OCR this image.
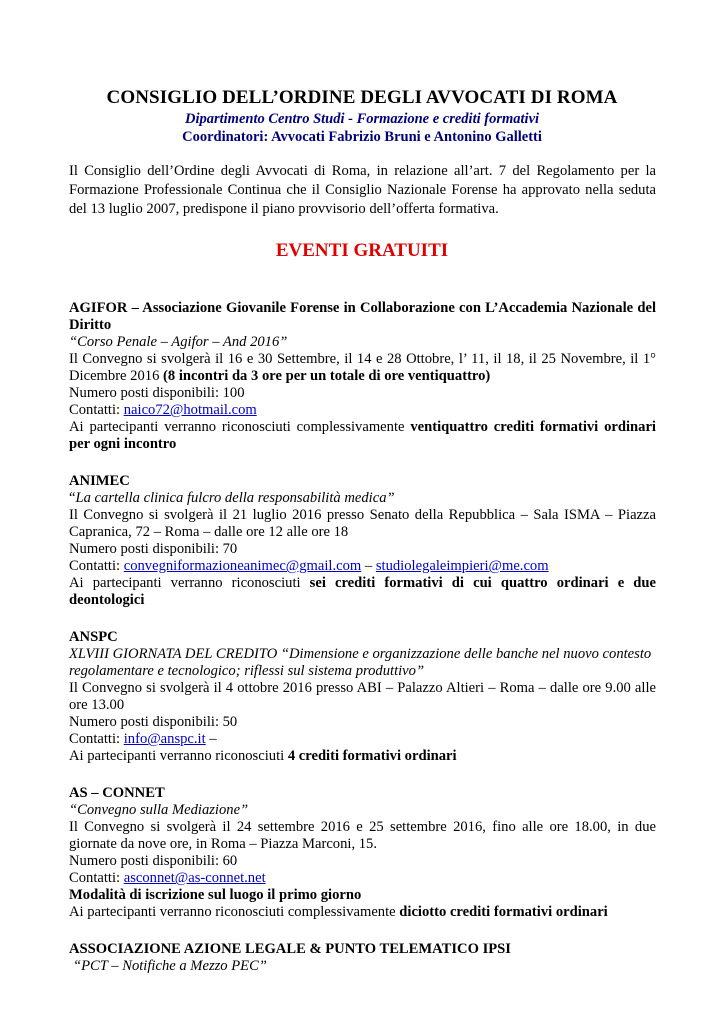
CONSIGLIO DELL’ORDINE DEGLI AVVOCATI DI ROMA
Dipartimento Centro Studi - Formazione e crediti formativi
Coordinatori: Avvocati Fabrizio Bruni e Antonino Galletti
Il Consiglio dell’Ordine degli Avvocati di Roma, in relazione all’art. 7 del Regolamento per la Formazione Professionale Continua che il Consiglio Nazionale Forense ha approvato nella seduta del 13 luglio 2007, predispone il piano provvisorio dell’offerta formativa.
EVENTI GRATUITI

AGIFOR – Associazione Giovanile Forense in Collaborazione con L’Accademia Nazionale del Diritto

“Corso Penale – Agifor – And 2016”

Il Convegno si svolgerà il 16 e 30 Settembre, il 14 e 28 Ottobre, l’ 11, il 18, il 25 Novembre, il 1° Dicembre 2016 (8 incontri da 3 ore per un totale di ore ventiquattro)

Numero posti disponibili: 100

Contatti: naico72@hotmail.com

Ai partecipanti verranno riconosciuti complessivamente ventiquattro crediti formativi ordinari per ogni incontro

ANIMEC

“La cartella clinica fulcro della responsabilità medica”

Il Convegno si svolgerà il 21 luglio 2016 presso Senato della Repubblica – Sala ISMA – Piazza Capranica, 72 – Roma – dalle ore 12 alle ore 18

Numero posti disponibili: 70

Contatti: convegniformazioneanimec@gmail.com – studiolegaleimpieri@me.com

Ai partecipanti verranno riconosciuti sei crediti formativi di cui quattro ordinari e due deontologici

ANSPC

XLVIII GIORNATA DEL CREDITO “Dimensione e organizzazione delle banche nel nuovo contesto regolamentare e tecnologico; riflessi sul sistema produttivo”

Il Convegno si svolgerà il 4 ottobre 2016 presso ABI – Palazzo Altieri – Roma – dalle ore 9.00 alle ore 13.00

Numero posti disponibili: 50

Contatti: info@anspc.it –

Ai partecipanti verranno riconosciuti 4 crediti formativi ordinari

AS – CONNET

“Convegno sulla Mediazione”

Il Convegno si svolgerà il 24 settembre 2016 e 25 settembre 2016, fino alle ore 18.00, in due giornate da nove ore, in Roma – Piazza Marconi, 15.

Numero posti disponibili: 60

Contatti: asconnet@as-connet.net

Modalità di iscrizione sul luogo il primo giorno

Ai partecipanti verranno riconosciuti complessivamente diciotto crediti formativi ordinari

ASSOCIAZIONE AZIONE LEGALE & PUNTO TELEMATICO IPSI

“PCT – Notifiche a Mezzo PEC”
